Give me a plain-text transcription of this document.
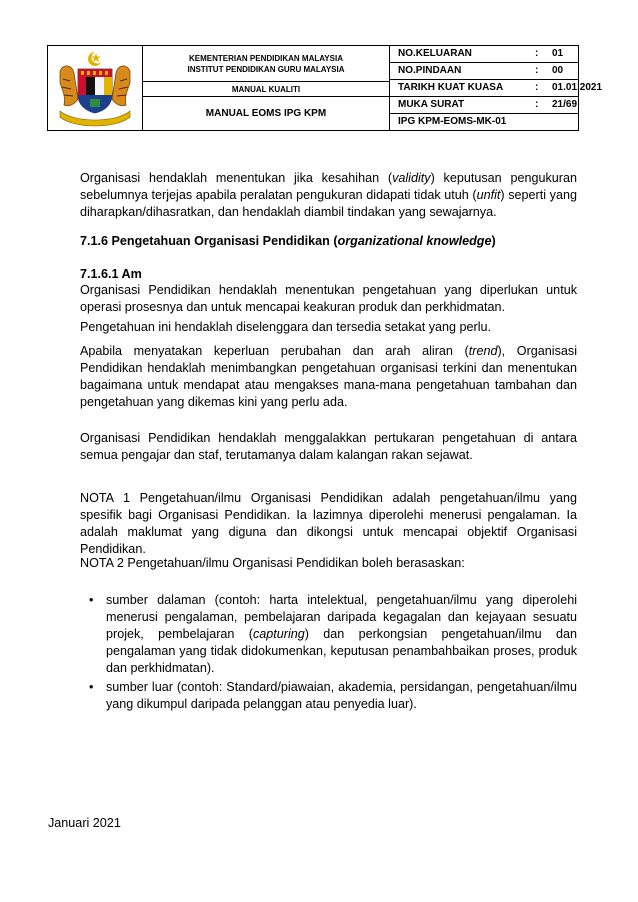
KEMENTERIAN PENDIDIKAN MALAYSIA
INSTITUT PENDIDIKAN GURU MALAYSIA
MANUAL KUALITI
MANUAL EOMS IPG KPM
NO.KELUARAN	: 01
NO.PINDAAN	: 00
TARIKH KUAT KUASA	: 01.01.2021
MUKA SURAT	: 21/69
IPG KPM-EOMS-MK-01

Organisasi hendaklah menentukan jika kesahihan (validity) keputusan pengukuran sebelumnya terjejas apabila peralatan pengukuran didapati tidak utuh (unfit) seperti yang diharapkan/dihasratkan, dan hendaklah diambil tindakan yang sewajarnya.

7.1.6 Pengetahuan Organisasi Pendidikan (organizational knowledge)

7.1.6.1 Am

Organisasi Pendidikan hendaklah menentukan pengetahuan yang diperlukan untuk operasi prosesnya dan untuk mencapai keakuran produk dan perkhidmatan.

Pengetahuan ini hendaklah diselenggara dan tersedia setakat yang perlu.

Apabila menyatakan keperluan perubahan dan arah aliran (trend), Organisasi Pendidikan hendaklah menimbangkan pengetahuan organisasi terkini dan menentukan bagaimana untuk mendapat atau mengakses mana-mana pengetahuan tambahan dan pengetahuan yang dikemas kini yang perlu ada.

Organisasi Pendidikan hendaklah menggalakkan pertukaran pengetahuan di antara semua pengajar dan staf, terutamanya dalam kalangan rakan sejawat.

NOTA 1 Pengetahuan/ilmu Organisasi Pendidikan adalah pengetahuan/ilmu yang spesifik bagi Organisasi Pendidikan. Ia lazimnya diperolehi menerusi pengalaman. Ia adalah maklumat yang diguna dan dikongsi untuk mencapai objektif Organisasi Pendidikan.

NOTA 2 Pengetahuan/ilmu Organisasi Pendidikan boleh berasaskan:

• sumber dalaman (contoh: harta intelektual, pengetahuan/ilmu yang diperolehi menerusi pengalaman, pembelajaran daripada kegagalan dan kejayaan sesuatu projek, pembelajaran (capturing) dan perkongsian pengetahuan/ilmu dan pengalaman yang tidak didokumenkan, keputusan penambahbaikan proses, produk dan perkhidmatan).
• sumber luar (contoh: Standard/piawaian, akademia, persidangan, pengetahuan/ilmu yang dikumpul daripada pelanggan atau penyedia luar).
Januari 2021
